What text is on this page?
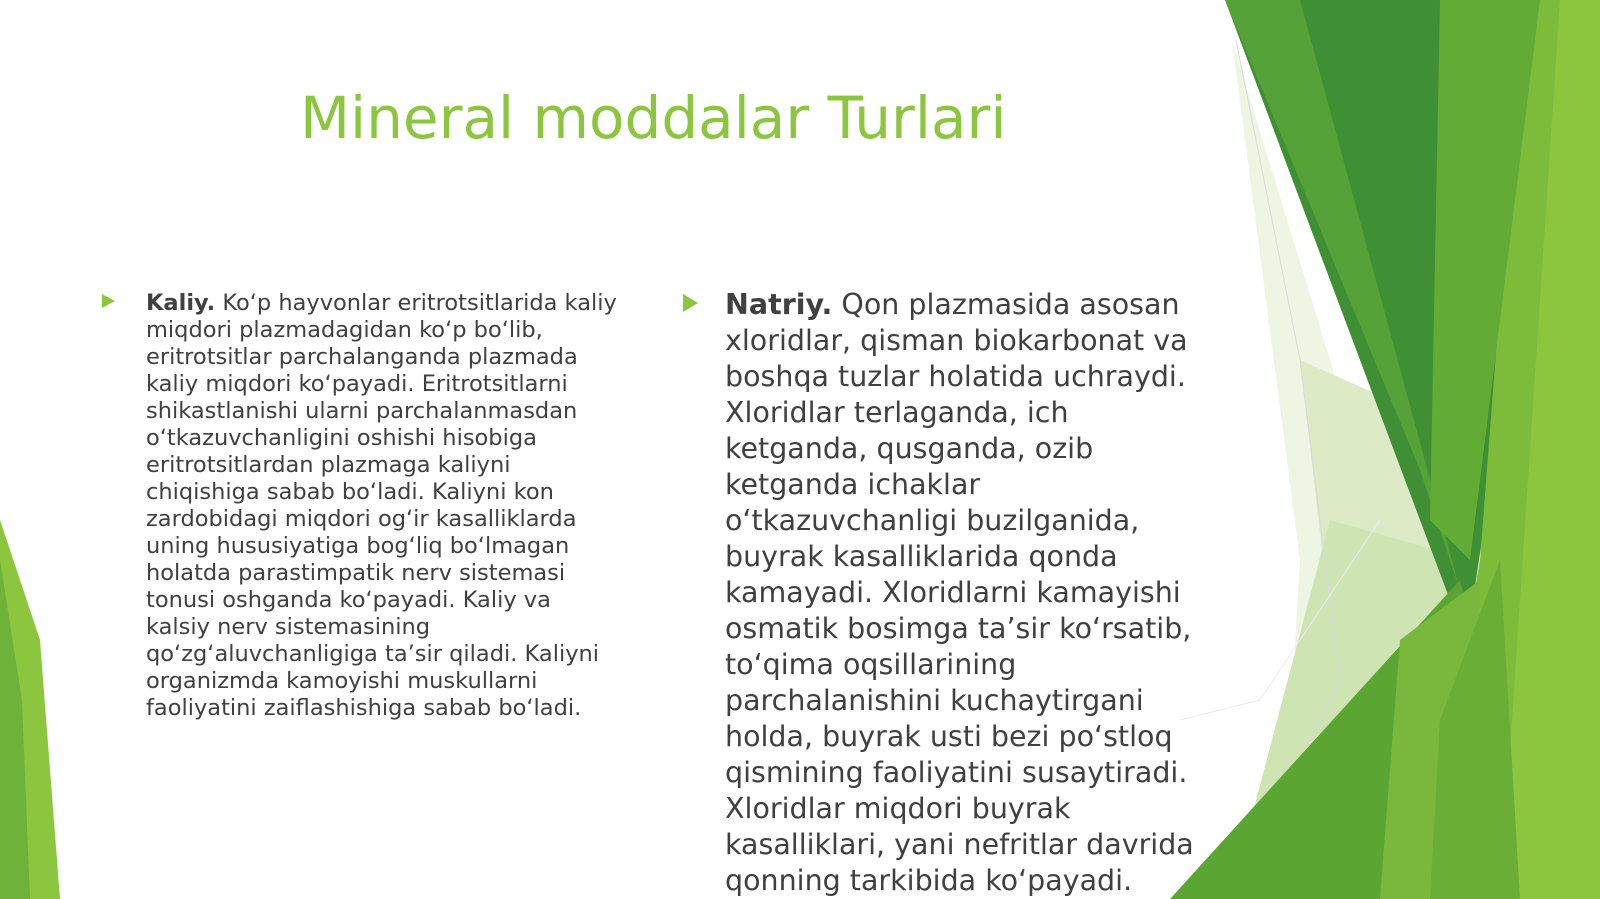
Mineral moddalar Turlari
Kaliy. Ko‘p hayvonlar eritrotsitlarida kaliy miqdori plazmadagidan ko‘p bo‘lib, eritrotsitlar parchalanganda plazmada kaliy miqdori ko‘payadi. Eritrotsitlarni shikastlanishi ularni parchalanmasdan o‘tkazuvchanligini oshishi hisobiga eritrotsitlardan plazmaga kaliyni chiqishiga sabab bo‘ladi. Kaliyni kon zardobidagi miqdori og‘ir kasalliklarda uning hususiyatiga bog‘liq bo‘lmagan holatda parastimpatik nerv sistemasi tonusi oshganda ko‘payadi. Kaliy va kalsiy nerv sistemasining qo‘zg‘aluvchanligiga ta’sir qiladi. Kaliyni organizmda kamoyishi muskullarni faoliyatini zaiflashishiga sabab bo‘ladi.
Natriy. Qon plazmasida asosan xloridlar, qisman biokarbonat va boshqa tuzlar holatida uchraydi. Xloridlar terlaganda, ich ketganda, qusganda, ozib ketganda ichaklar o‘tkazuvchanligi buzilganida, buyrak kasalliklarida qonda kamayadi. Xloridlarni kamayishi osmatik bosimga ta’sir ko‘rsatib, to‘qima oqsillarining parchalanishini kuchaytirgani holda, buyrak usti bezi po‘stloq qismining faoliyatini susaytiradi. Xloridlar miqdori buyrak kasalliklari, yani nefritlar davrida qonning tarkibida ko‘payadi.
